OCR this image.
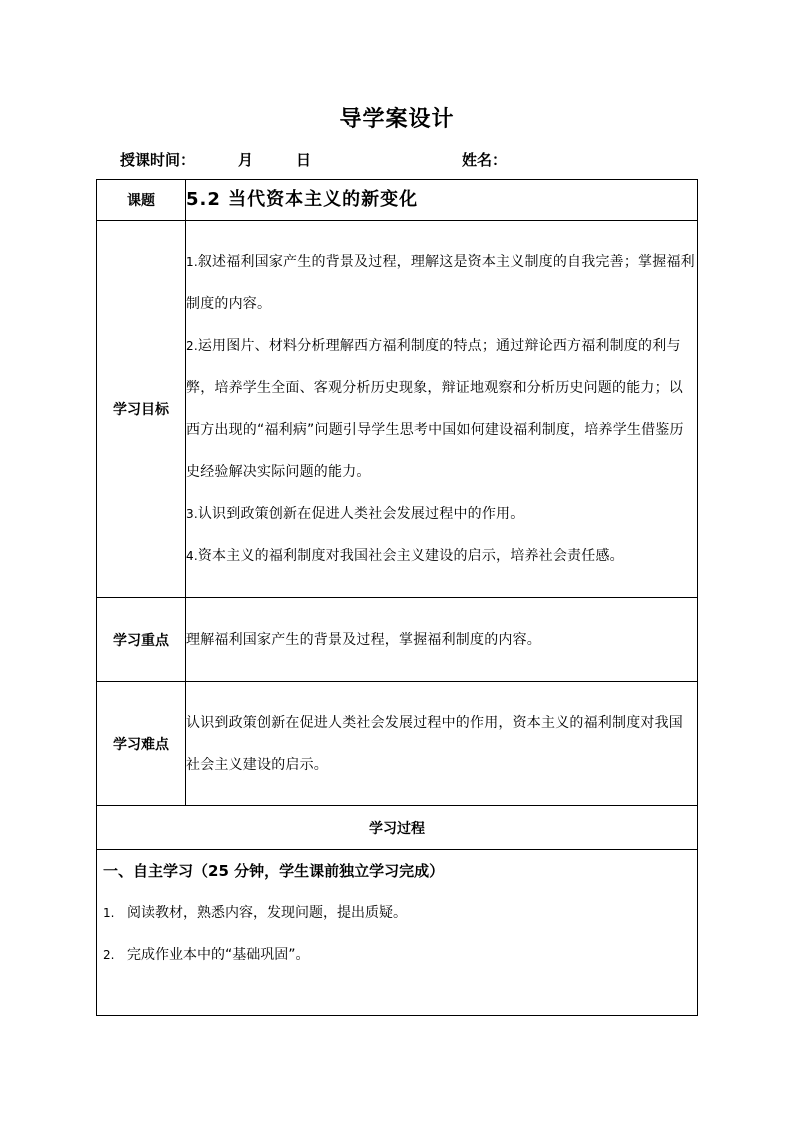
导学案设计
授课时间：	月	日	姓名：
课题	5.2 当代资本主义的新变化

学习目标	1.叙述福利国家产生的背景及过程，理解这是资本主义制度的自我完善；掌握福利制度的内容。
2.运用图片、材料分析理解西方福利制度的特点；通过辩论西方福利制度的利与弊，培养学生全面、客观分析历史现象，辩证地观察和分析历史问题的能力；以西方出现的“福利病”问题引导学生思考中国如何建设福利制度，培养学生借鉴历史经验解决实际问题的能力。
3.认识到政策创新在促进人类社会发展过程中的作用。
4.资本主义的福利制度对我国社会主义建设的启示，培养社会责任感。

学习重点	理解福利国家产生的背景及过程，掌握福利制度的内容。

学习难点	认识到政策创新在促进人类社会发展过程中的作用，资本主义的福利制度对我国社会主义建设的启示。

学习过程	

一、自主学习（25 分钟，学生课前独立学习完成）
1. 阅读教材，熟悉内容，发现问题，提出质疑。
2. 完成作业本中的“基础巩固”。	
